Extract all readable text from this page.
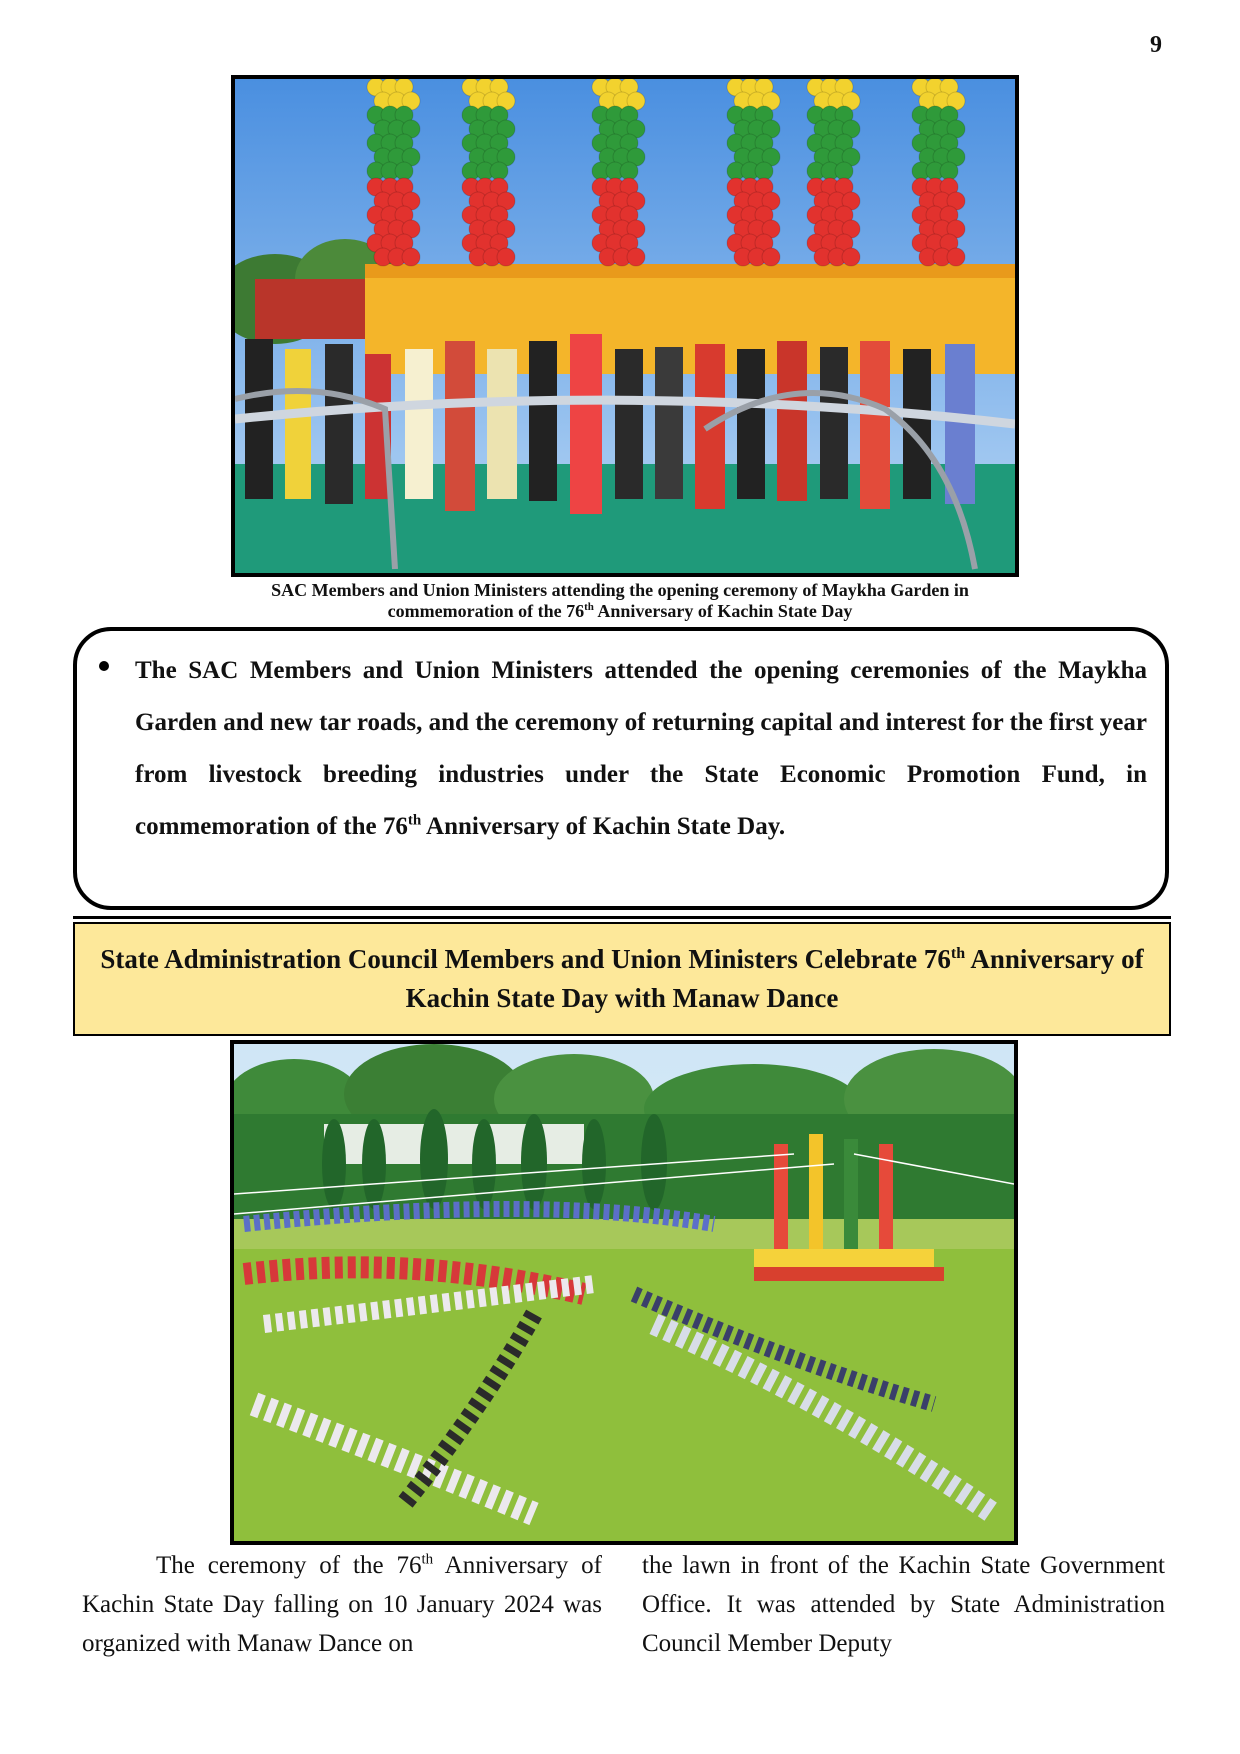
9
SAC Members and Union Ministers attending the opening ceremony of Maykha Garden in
commemoration of the 76th Anniversary of Kachin State Day
The SAC Members and Union Ministers attended the opening ceremonies of the Maykha Garden and new tar roads, and the ceremony of returning capital and interest for the first year from livestock breeding industries under the State Economic Promotion Fund, in commemoration of the 76th Anniversary of Kachin State Day.
State Administration Council Members and Union Ministers Celebrate 76th Anniversary of Kachin State Day with Manaw Dance
The ceremony of the 76th Anniversary of Kachin State Day falling on 10 January 2024 was organized with Manaw Dance on
the lawn in front of the Kachin State Government Office. It was attended by State Administration Council Member Deputy
